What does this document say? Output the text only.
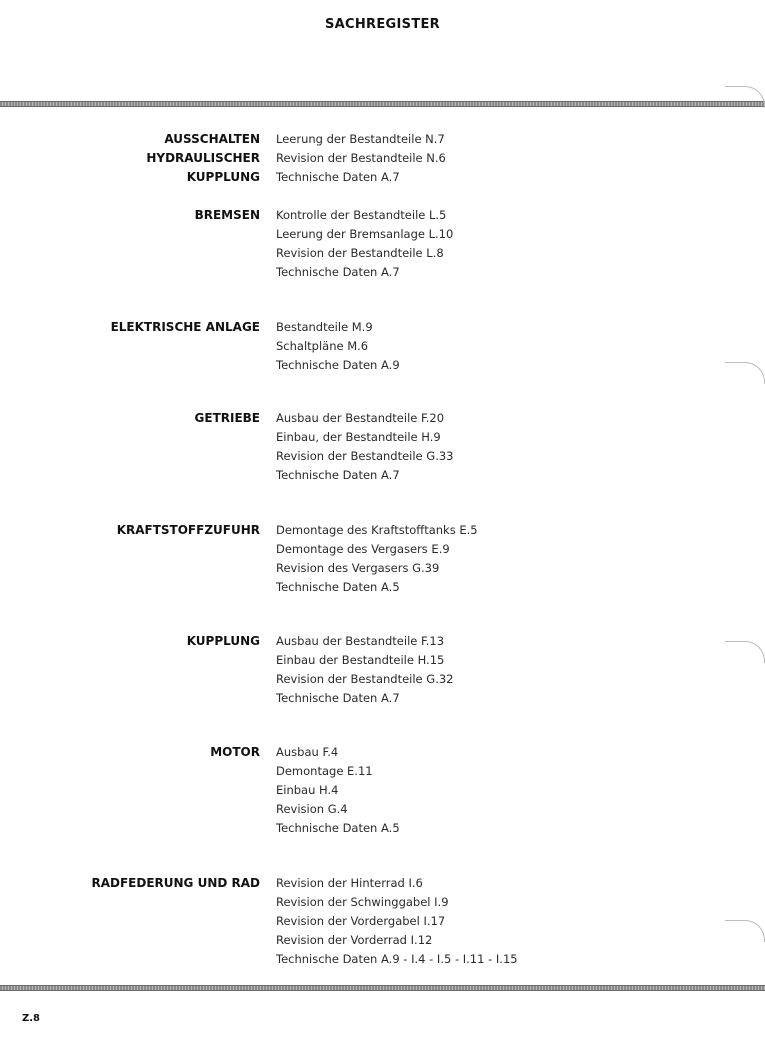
SACHREGISTER
AUSSCHALTEN
HYDRAULISCHER
KUPPLUNG
Leerung der Bestandteile N.7
Revision der Bestandteile N.6
Technische Daten A.7
BREMSEN Kontrolle der Bestandteile L.5
Leerung der Bremsanlage L.10
Revision der Bestandteile L.8
Technische Daten A.7
ELEKTRISCHE ANLAGE Bestandteile M.9
Schaltpläne M.6
Technische Daten A.9
GETRIEBE Ausbau der Bestandteile F.20
Einbau, der Bestandteile H.9
Revision der Bestandteile G.33
Technische Daten A.7
KRAFTSTOFFZUFUHR Demontage des Kraftstofftanks E.5
Demontage des Vergasers E.9
Revision des Vergasers G.39
Technische Daten A.5
KUPPLUNG Ausbau der Bestandteile F.13
Einbau der Bestandteile H.15
Revision der Bestandteile G.32
Technische Daten A.7
MOTOR Ausbau F.4
Demontage E.11
Einbau H.4
Revision G.4
Technische Daten A.5
RADFEDERUNG UND RAD Revision der Hinterrad I.6
Revision der Schwinggabel I.9
Revision der Vordergabel I.17
Revision der Vorderrad I.12
Technische Daten A.9 - I.4 - I.5 - I.11 - I.15
Z.8
